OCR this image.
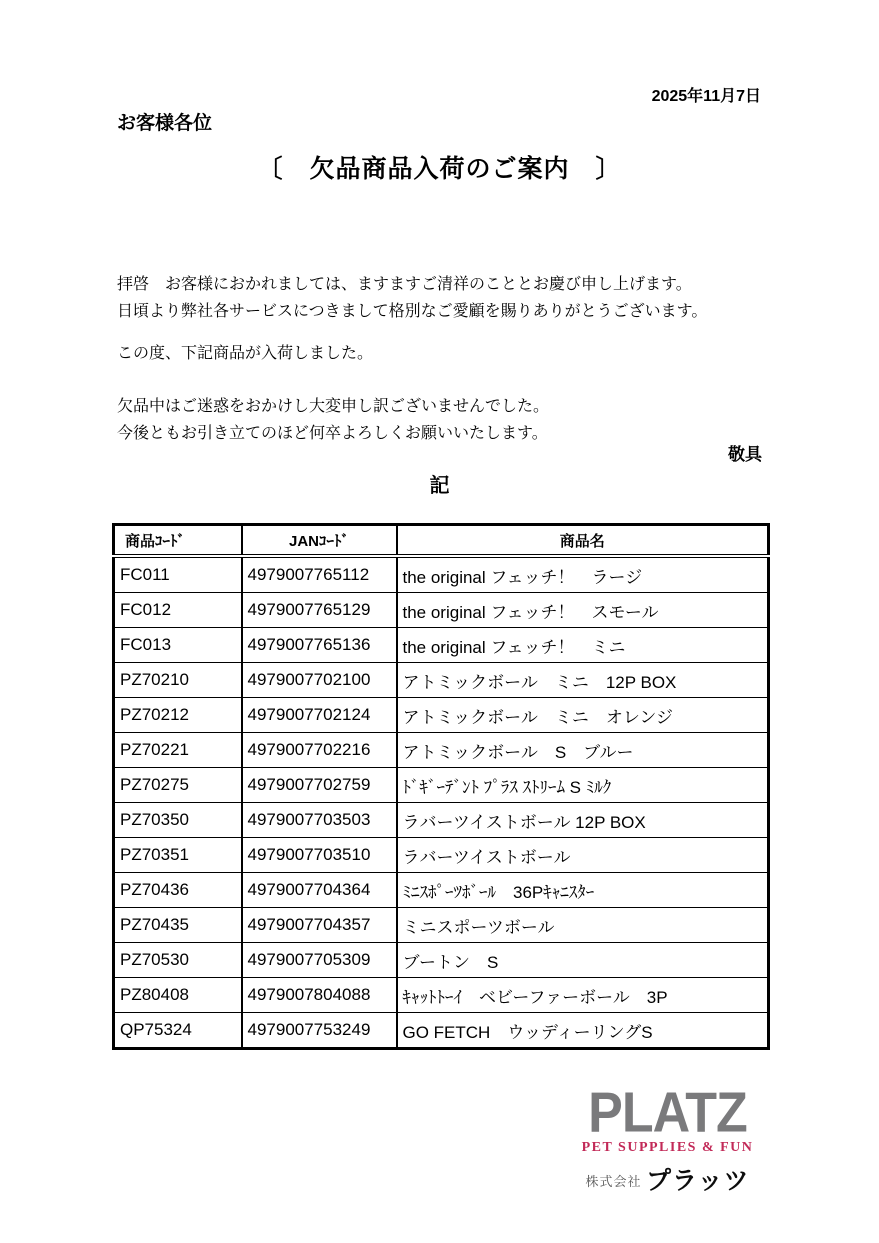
2025年11月7日
お客様各位
〔　欠品商品入荷のご案内　〕
拝啓　お客様におかれましては、ますますご清祥のこととお慶び申し上げます。
日頃より弊社各サービスにつきまして格別なご愛顧を賜りありがとうございます。
この度、下記商品が入荷しました。
欠品中はご迷惑をおかけし大変申し訳ございませんでした。
今後ともお引き立てのほど何卒よろしくお願いいたします。
敬具
記
商品ｺｰﾄﾞ	JANｺｰﾄﾞ	商品名
FC011	4979007765112	the original フェッチ！　ラージ
FC012	4979007765129	the original フェッチ！　スモール
FC013	4979007765136	the original フェッチ！　ミニ
PZ70210	4979007702100	アトミックボール　ミニ　12P BOX
PZ70212	4979007702124	アトミックボール　ミニ　オレンジ
PZ70221	4979007702216	アトミックボール　S　ブルー
PZ70275	4979007702759	ﾄﾞｷﾞｰﾃﾞﾝﾄ ﾌﾟﾗｽ ｽﾄﾘｰﾑ S ﾐﾙｸ
PZ70350	4979007703503	ラバーツイストボール 12P BOX
PZ70351	4979007703510	ラバーツイストボール
PZ70436	4979007704364	ﾐﾆｽﾎﾟｰﾂﾎﾞｰﾙ　36Pｷｬﾆｽﾀｰ
PZ70435	4979007704357	ミニスポーツボール
PZ70530	4979007705309	ブートン　S
PZ80408	4979007804088	ｷｬｯﾄﾄｰｲ　ベビーファーボール　3P
QP75324	4979007753249	GO FETCH　ウッディーリングS
PLATZ
PET SUPPLIES & FUN
株式会社 プラッツ
